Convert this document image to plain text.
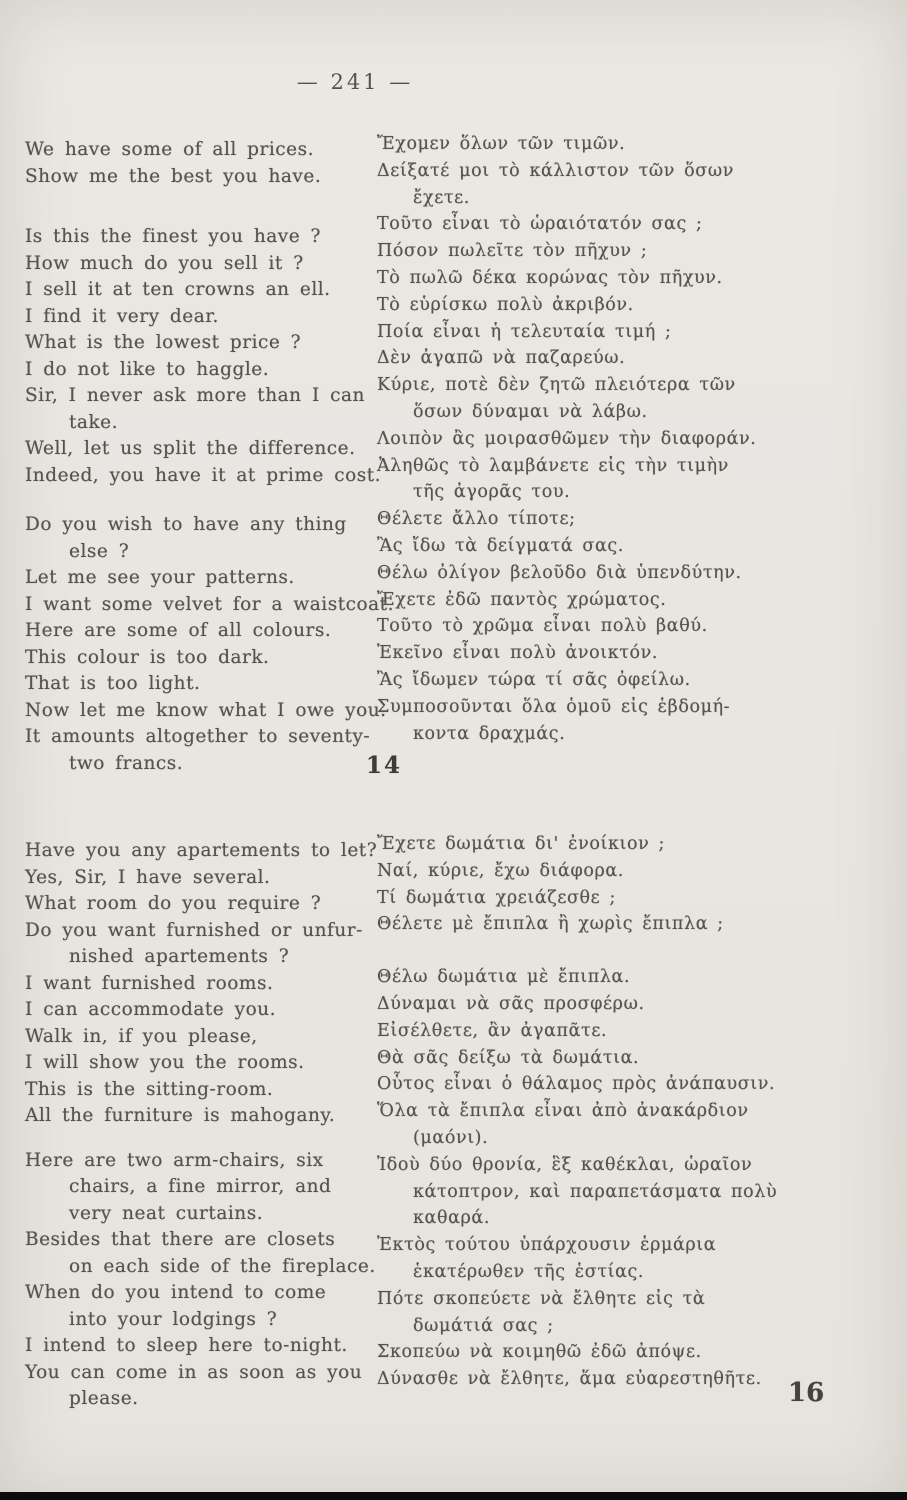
— 241 —
We have some of all prices.
Show me the best you have.
Is this the finest you have ?
How much do you sell it ?
I sell it at ten crowns an ell.
I find it very dear.
What is the lowest price ?
I do not like to haggle.
Sir, I never ask more than I can
take.
Well, let us split the difference.
Indeed, you have it at prime cost.
Do you wish to have any thing
else ?
Let me see your patterns.
I want some velvet for a waistcoat.
Here are some of all colours.
This colour is too dark.
That is too light.
Now let me know what I owe you.
It amounts altogether to seventy-
two francs.
Ἔχομεν ὅλων τῶν τιμῶν.
Δείξατέ μοι τὸ κάλλιστον τῶν ὅσων
ἔχετε.
Τοῦτο εἶναι τὸ ὡραιότατόν σας ;
Πόσον πωλεῖτε τὸν πῆχυν ;
Τὸ πωλῶ δέκα κορώνας τὸν πῆχυν.
Τὸ εὑρίσκω πολὺ ἀκριβόν.
Ποία εἶναι ἡ τελευταία τιμή ;
Δὲν ἀγαπῶ νὰ παζαρεύω.
Κύριε, ποτὲ δὲν ζητῶ πλειότερα τῶν
ὅσων δύναμαι νὰ λάβω.
Λοιπὸν ἂς μοιρασθῶμεν τὴν διαφοράν.
Ἀληθῶς τὸ λαμβάνετε εἰς τὴν τιμὴν
τῆς ἀγορᾶς του.
Θέλετε ἄλλο τίποτε;
Ἂς ἴδω τὰ δείγματά σας.
Θέλω ὀλίγον βελοῦδο διὰ ὑπενδύτην.
Ἔχετε ἐδῶ παντὸς χρώματος.
Τοῦτο τὸ χρῶμα εἶναι πολὺ βαθύ.
Ἐκεῖνο εἶναι πολὺ ἀνοικτόν.
Ἂς ἴδωμεν τώρα τί σᾶς ὀφείλω.
Συμποσοῦνται ὅλα ὁμοῦ εἰς ἑβδομή-
κοντα δραχμάς.
14
Have you any apartements to let?
Yes, Sir, I have several.
What room do you require ?
Do you want furnished or unfur-
nished apartements ?
I want furnished rooms.
I can accommodate you.
Walk in, if you please,
I will show you the rooms.
This is the sitting-room.
All the furniture is mahogany.
Here are two arm-chairs, six
chairs, a fine mirror, and
very neat curtains.
Besides that there are closets
on each side of the fireplace.
When do you intend to come
into your lodgings ?
I intend to sleep here to-night.
You can come in as soon as you
please.
Ἔχετε δωμάτια δι' ἐνοίκιον ;
Ναί, κύριε, ἔχω διάφορα.
Τί δωμάτια χρειάζεσθε ;
Θέλετε μὲ ἔπιπλα ἢ χωρὶς ἔπιπλα ;
Θέλω δωμάτια μὲ ἔπιπλα.
Δύναμαι νὰ σᾶς προσφέρω.
Εἰσέλθετε, ἂν ἀγαπᾶτε.
Θὰ σᾶς δείξω τὰ δωμάτια.
Οὗτος εἶναι ὁ θάλαμος πρὸς ἀνάπαυσιν.
Ὅλα τὰ ἔπιπλα εἶναι ἀπὸ ἀνακάρδιον
(μαόνι).
Ἰδοὺ δύο θρονία, ἓξ καθέκλαι, ὡραῖον
κάτοπτρον, καὶ παραπετάσματα πολὺ
καθαρά.
Ἐκτὸς τούτου ὑπάρχουσιν ἑρμάρια
ἑκατέρωθεν τῆς ἑστίας.
Πότε σκοπεύετε νὰ ἔλθητε εἰς τὰ
δωμάτιά σας ;
Σκοπεύω νὰ κοιμηθῶ ἐδῶ ἀπόψε.
Δύνασθε νὰ ἔλθητε, ἅμα εὐαρεστηθῆτε.	16
